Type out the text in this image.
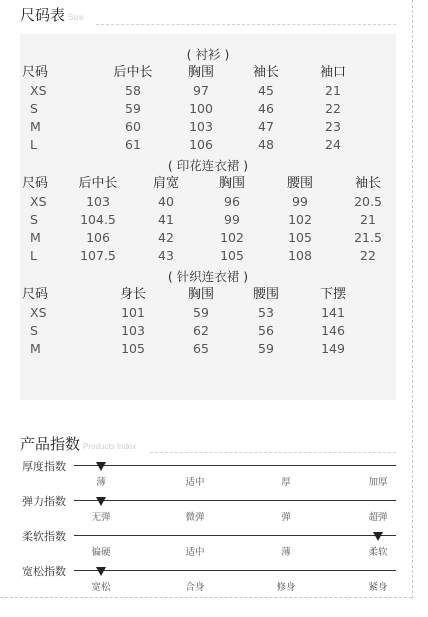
尺码表 Size
( 衬衫 )
尺码	后中长	胸围	袖长	袖口
XS	58	97	45	21
S	59	100	46	22
M	60	103	47	23
L	61	106	48	24
( 印花连衣裙 )
尺码	后中长	肩宽	胸围	腰围	袖长
XS	103	40	96	99	20.5
S	104.5	41	99	102	21
M	106	42	102	105	21.5
L	107.5	43	105	108	22
( 针织连衣裙 )
尺码	身长	胸围	腰围	下摆
XS	101	59	53	141
S	103	62	56	146
M	105	65	59	149
产品指数 Products Index
厚度指数
薄	适中	厚	加厚
弹力指数
无弹	微弹	弹	超弹
柔软指数
偏硬	适中	薄	柔软
宽松指数
宽松	合身	修身	紧身
